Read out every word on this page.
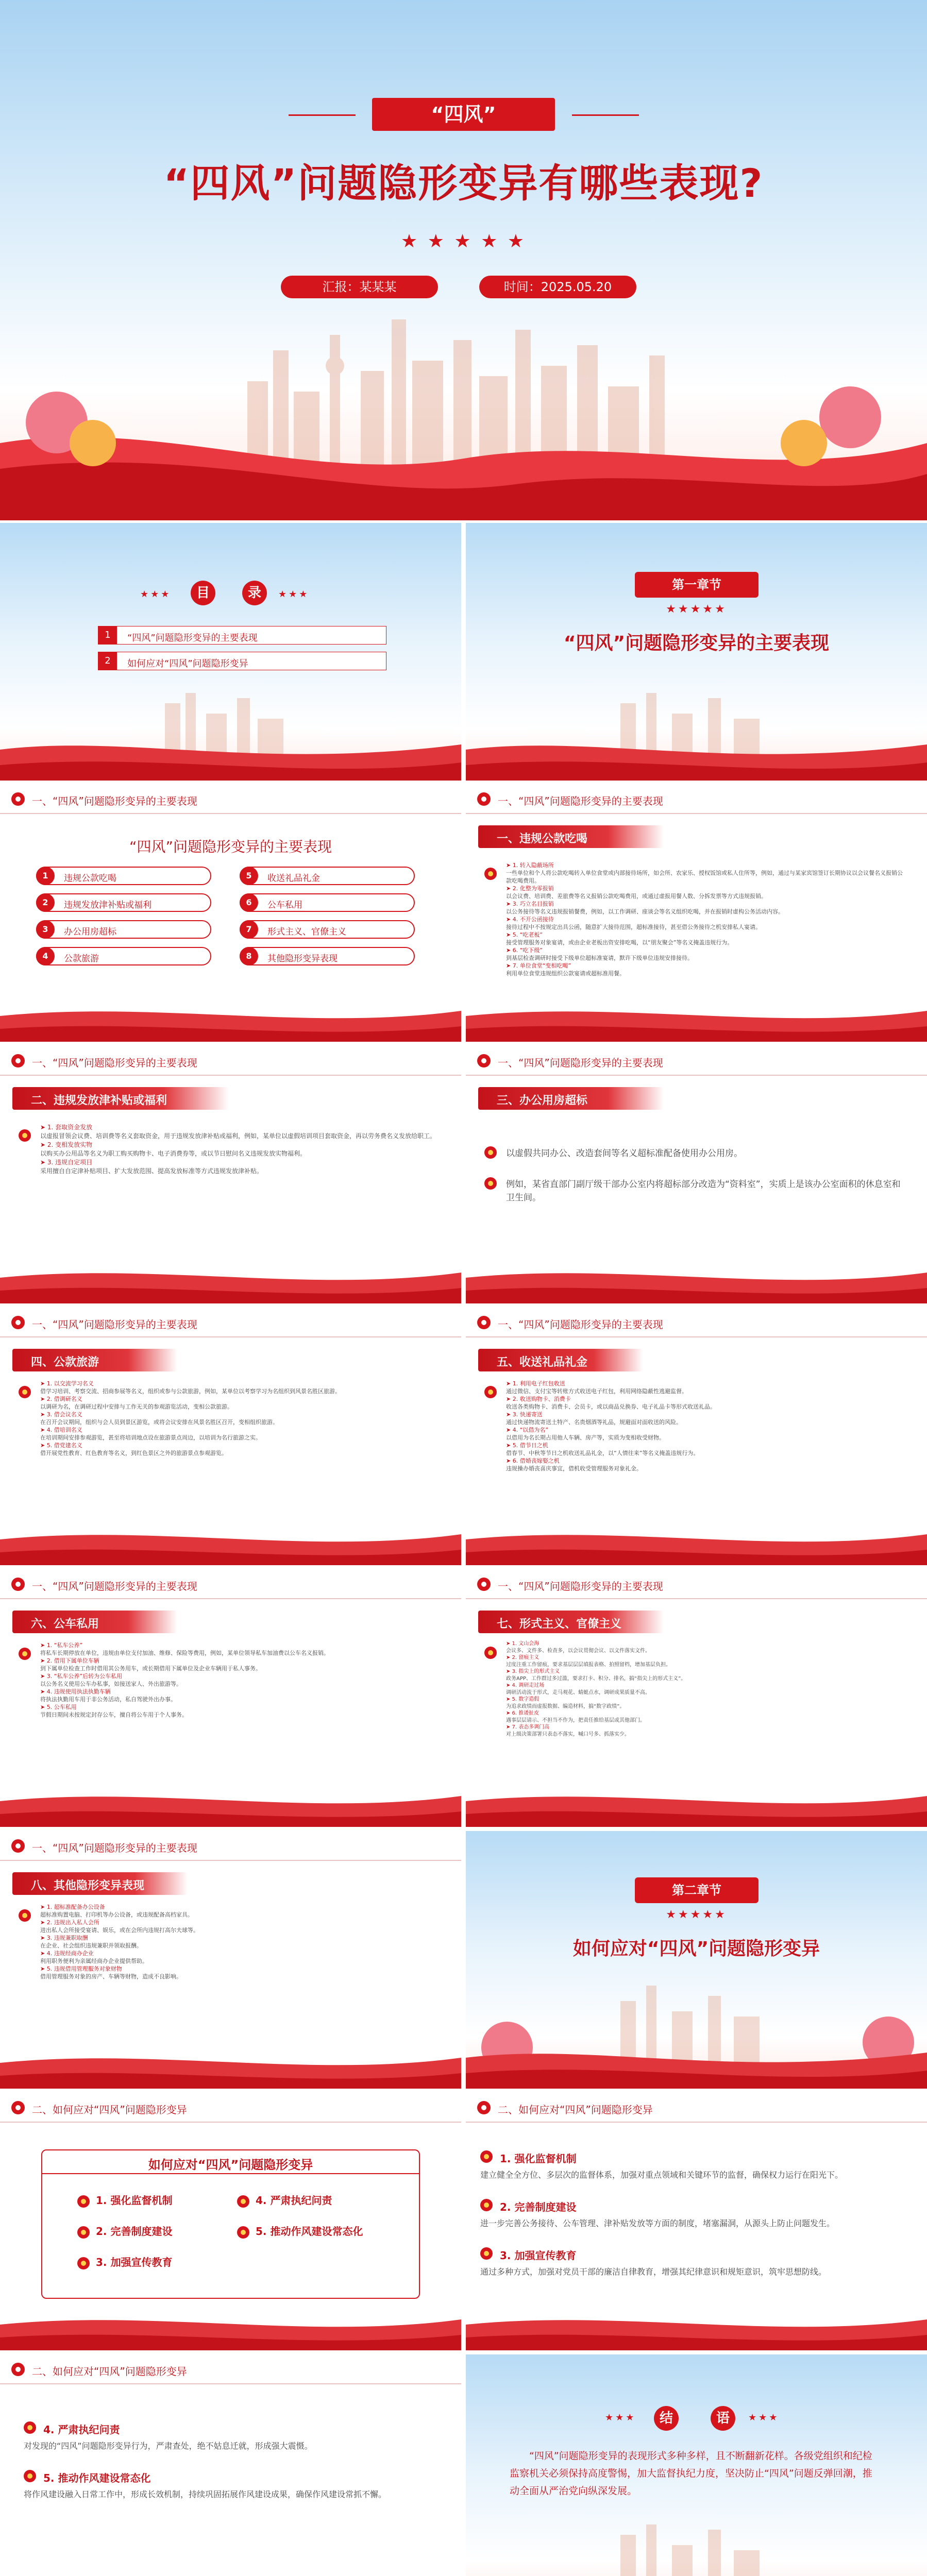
“四风”
“四风”问题隐形变异有哪些表现?
★ ★ ★ ★ ★
汇报：某某某	时间：2025.05.20
★★★	★★★
目	录
1	“四风”问题隐形变异的主要表现
2	如何应对“四风”问题隐形变异
第一章节
★★★★★
“四风”问题隐形变异的主要表现
一、“四风”问题隐形变异的主要表现
“四风”问题隐形变异的主要表现
1	违规公款吃喝
2	违规发放津补贴或福利
3	办公用房超标
4	公款旅游
5	收送礼品礼金
6	公车私用
7	形式主义、官僚主义
8	其他隐形变异表现
一、“四风”问题隐形变异的主要表现
一、违规公款吃喝
➤ 1. 转入隐蔽场所
一些单位和个人将公款吃喝转入单位食堂或内部接待场所，如会所、农家乐、授权饭馆或私人住所等，例如，通过与某家宾馆签订长期协议以会议餐名义报销公款吃喝费用。
➤ 2. 化整为零报销
以会议费、培训费、差旅费等名义报销公款吃喝费用，或通过虚报用餐人数、分拆发票等方式违规报销。
➤ 3. 巧立名目报销
以公务接待等名义违规报销餐费，例如，以工作调研、座谈会等名义组织吃喝，并在报销时虚构公务活动内容。
➤ 4. 不开公函接待
接待过程中不按规定出具公函，随意扩大接待范围，超标准接待，甚至借公务接待之机安排私人宴请。
➤ 5. “吃老板”
接受管理服务对象宴请，或由企业老板出资安排吃喝，以“朋友聚会”等名义掩盖违规行为。
➤ 6. “吃下级”
到基层检查调研时接受下级单位超标准宴请，默许下级单位违规安排接待。
➤ 7. 单位食堂“变相吃喝”
利用单位食堂违规组织公款宴请或超标准用餐。
一、“四风”问题隐形变异的主要表现
二、违规发放津补贴或福利
➤ 1. 套取资金发放
以虚报冒领会议费、培训费等名义套取资金，用于违规发放津补贴或福利，例如，某单位以虚假培训项目套取资金，再以劳务费名义发放给职工。
➤ 2. 变相发放实物
以购买办公用品等名义为职工购买购物卡、电子消费券等，或以节日慰问名义违规发放实物福利。
➤ 3. 违规自定项目
采用擅自自定津补贴项目、扩大发放范围、提高发放标准等方式违规发放津补贴。
一、“四风”问题隐形变异的主要表现
三、办公用房超标
以虚假共同办公、改造套间等名义超标准配备使用办公用房。
例如，某省直部门副厅级干部办公室内将超标部分改造为“资料室”，实质上是该办公室面积的休息室和卫生间。
一、“四风”问题隐形变异的主要表现
四、公款旅游
➤ 1. 以交流学习名义
借学习培训、考察交流、招商参展等名义，组织或参与公款旅游，例如，某单位以考察学习为名组织到风景名胜区旅游。
➤ 2. 借调研名义
以调研为名，在调研过程中安排与工作无关的参观游览活动，变相公款旅游。
➤ 3. 借会议名义
在召开会议期间，组织与会人员到景区游览，或将会议安排在风景名胜区召开，变相组织旅游。
➤ 4. 借培训名义
在培训期间安排参观游览，甚至将培训地点设在旅游景点周边，以培训为名行旅游之实。
➤ 5. 借党建名义
借开展党性教育、红色教育等名义，到红色景区之外的旅游景点参观游览。
一、“四风”问题隐形变异的主要表现
五、收送礼品礼金
➤ 1. 利用电子红包收送
通过微信、支付宝等转账方式收送电子红包，利用网络隐蔽性逃避监督。
➤ 2. 收送购物卡、消费卡
收送各类购物卡、消费卡、会员卡，或以商品兑换券、电子礼品卡等形式收送礼品。
➤ 3. 快递寄送
通过快递物流寄送土特产、名贵烟酒等礼品，规避面对面收送的风险。
➤ 4. “以借为名”
以借用为名长期占用他人车辆、房产等，实质为变相收受财物。
➤ 5. 借节日之机
借春节、中秋等节日之机收送礼品礼金，以“人情往来”等名义掩盖违规行为。
➤ 6. 借婚丧嫁娶之机
违规操办婚丧喜庆事宜，借机收受管理服务对象礼金。
一、“四风”问题隐形变异的主要表现
六、公车私用
➤ 1. “私车公养”
将私车长期停放在单位，违规由单位支付加油、维修、保险等费用，例如，某单位领导私车加油费以公车名义报销。
➤ 2. 借用下属单位车辆
到下属单位检查工作时借用其公务用车，或长期借用下属单位及企业车辆用于私人事务。
➤ 3. “私车公养”后转为公车私用
以公务名义使用公车办私事，如接送家人、外出旅游等。
➤ 4. 违规使用执法执勤车辆
将执法执勤用车用于非公务活动，私自驾驶外出办事。
➤ 5. 公车私用
节假日期间未按规定封存公车，擅自将公车用于个人事务。
一、“四风”问题隐形变异的主要表现
七、形式主义、官僚主义
➤ 1. 文山会海
会议多、文件多、检查多，以会议贯彻会议、以文件落实文件。
➤ 2. 留痕主义
过度注重工作留痕，要求基层层层填报表格、拍照留档，增加基层负担。
➤ 3. 指尖上的形式主义
政务APP、工作群过多过滥，要求打卡、积分、排名，搞“指尖上的形式主义”。
➤ 4. 调研走过场
调研活动流于形式，走马观花、蜻蜓点水，调研成果质量不高。
➤ 5. 数字造假
为追求政绩而虚报数据、编造材料，搞“数字政绩”。
➤ 6. 推诿扯皮
遇事层层请示、不担当不作为，把责任推给基层或其他部门。
➤ 7. 表态多调门高
对上级决策部署只表态不落实，喊口号多、抓落实少。
一、“四风”问题隐形变异的主要表现
八、其他隐形变异表现
➤ 1. 超标准配备办公设备
超标准购置电脑、打印机等办公设备，或违规配备高档家具。
➤ 2. 违规出入私人会所
进出私人会所接受宴请、娱乐，或在会所内违规打高尔夫球等。
➤ 3. 违规兼职取酬
在企业、社会组织违规兼职并领取报酬。
➤ 4. 违规经商办企业
利用职务便利为亲属经商办企业提供帮助。
➤ 5. 违规借用管理服务对象财物
借用管理服务对象的房产、车辆等财物，造成不良影响。
第二章节
★★★★★
如何应对“四风”问题隐形变异
二、如何应对“四风”问题隐形变异
如何应对“四风”问题隐形变异
1. 强化监督机制
2. 完善制度建设
3. 加强宣传教育
4. 严肃执纪问责
5. 推动作风建设常态化
二、如何应对“四风”问题隐形变异
1. 强化监督机制
建立健全全方位、多层次的监督体系，加强对重点领域和关键环节的监督，确保权力运行在阳光下。
2. 完善制度建设
进一步完善公务接待、公车管理、津补贴发放等方面的制度，堵塞漏洞，从源头上防止问题发生。
3. 加强宣传教育
通过多种方式，加强对党员干部的廉洁自律教育，增强其纪律意识和规矩意识，筑牢思想防线。
二、如何应对“四风”问题隐形变异
4. 严肃执纪问责
对发现的“四风”问题隐形变异行为，严肃查处，绝不姑息迁就，形成强大震慑。
5. 推动作风建设常态化
将作风建设融入日常工作中，形成长效机制，持续巩固拓展作风建设成果，确保作风建设常抓不懈。
结	语
★★★	★★★
“四风”问题隐形变异的表现形式多种多样，且不断翻新花样。各级党组织和纪检监察机关必须保持高度警惕，加大监督执纪力度，坚决防止“四风”问题反弹回潮，推动全面从严治党向纵深发展。
